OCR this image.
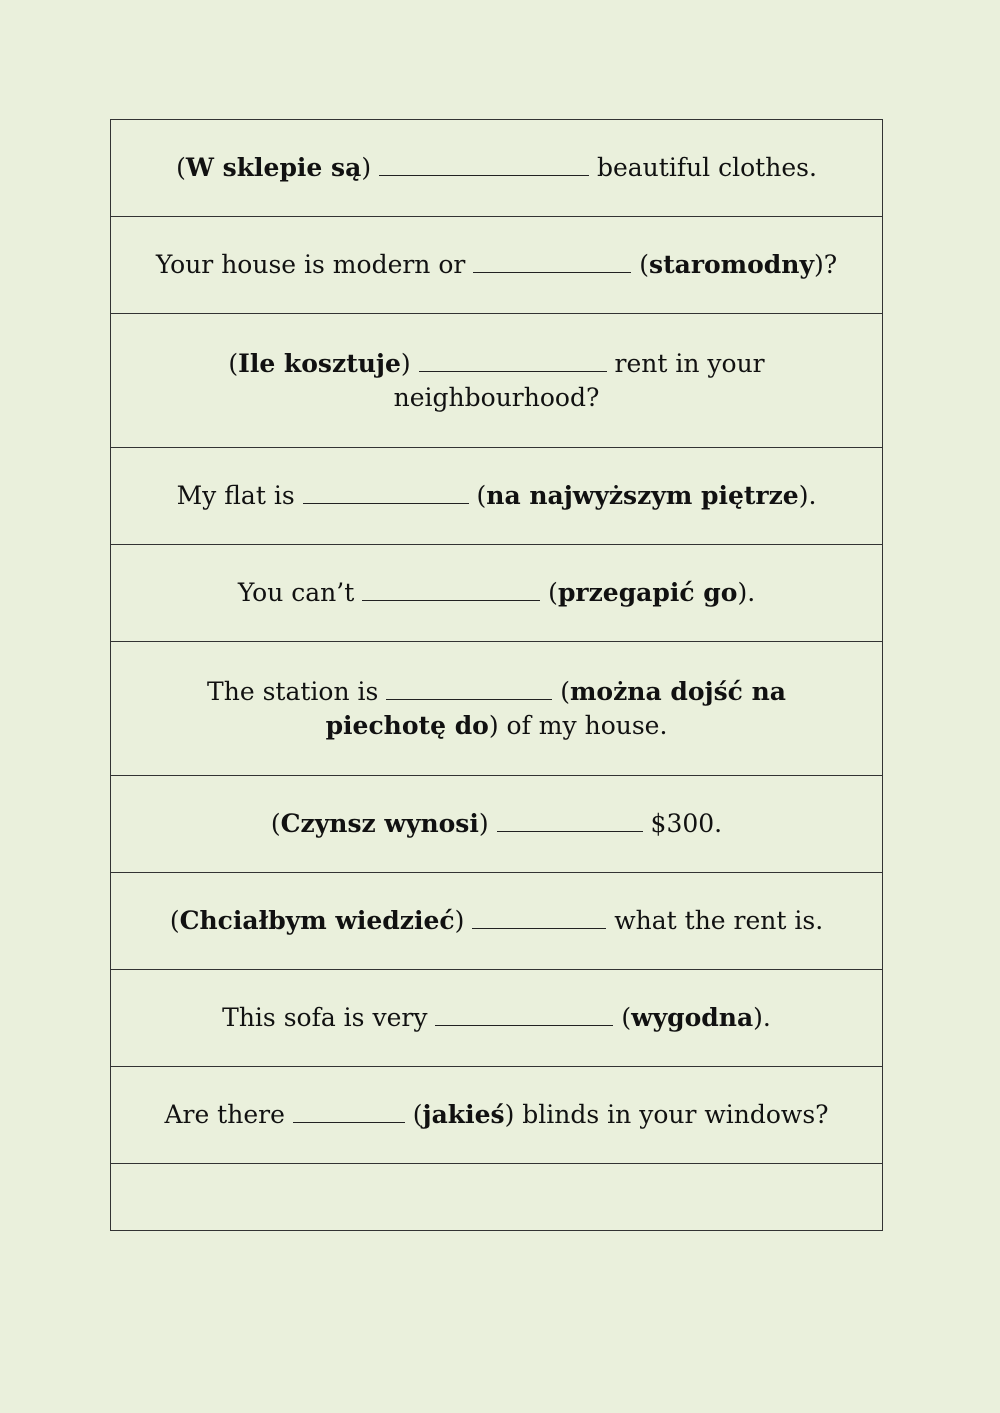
(W sklepie są)	beautiful clothes.
Your house is modern or	(staromodny)?
(Ile kosztuje)	rent in your neighbourhood?
My flat is	(na najwyższym piętrze).
You can’t	(przegapić go).
The station is	(można dojść na piechotę do) of my house.
(Czynsz wynosi)	$300.
(Chciałbym wiedzieć)	what the rent is.
This sofa is very	(wygodna).
Are there	(jakieś) blinds in your windows?
